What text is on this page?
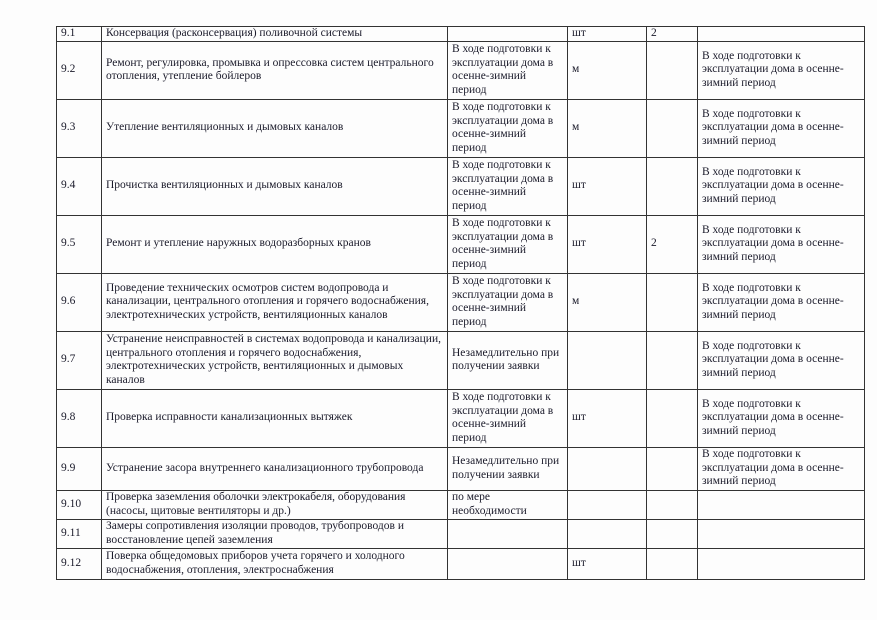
9.1	Консервация (расконсервация) поливочной системы		шт	2	
9.2	Ремонт, регулировка, промывка и опрессовка систем центрального отопления, утепление бойлеров	В ходе подготовки к эксплуатации дома в осенне-зимний период	м		В ходе подготовки к эксплуатации дома в осенне-зимний период
9.3	Утепление вентиляционных и дымовых каналов	В ходе подготовки к эксплуатации дома в осенне-зимний период	м		В ходе подготовки к эксплуатации дома в осенне-зимний период
9.4	Прочистка вентиляционных и дымовых каналов	В ходе подготовки к эксплуатации дома в осенне-зимний период	шт		В ходе подготовки к эксплуатации дома в осенне-зимний период
9.5	Ремонт и утепление наружных водоразборных кранов	В ходе подготовки к эксплуатации дома в осенне-зимний период	шт	2	В ходе подготовки к эксплуатации дома в осенне-зимний период
9.6	Проведение технических осмотров систем водопровода и канализации, центрального отопления и горячего водоснабжения, электротехнических устройств, вентиляционных каналов	В ходе подготовки к эксплуатации дома в осенне-зимний период	м		В ходе подготовки к эксплуатации дома в осенне-зимний период
9.7	Устранение неисправностей в системах водопровода и канализации, центрального отопления и горячего водоснабжения, электротехнических устройств, вентиляционных и дымовых каналов	Незамедлительно при получении заявки			В ходе подготовки к эксплуатации дома в осенне-зимний период
9.8	Проверка исправности канализационных вытяжек	В ходе подготовки к эксплуатации дома в осенне-зимний период	шт		В ходе подготовки к эксплуатации дома в осенне-зимний период
9.9	Устранение засора внутреннего канализационного трубопровода	Незамедлительно при получении заявки			В ходе подготовки к эксплуатации дома в осенне-зимний период
9.10	Проверка заземления оболочки электрокабеля, оборудования (насосы, щитовые вентиляторы и др.)	по мере необходимости			
9.11	Замеры сопротивления изоляции проводов, трубопроводов и восстановление цепей заземления				
9.12	Поверка общедомовых приборов учета горячего и холодного водоснабжения, отопления, электроснабжения		шт		
